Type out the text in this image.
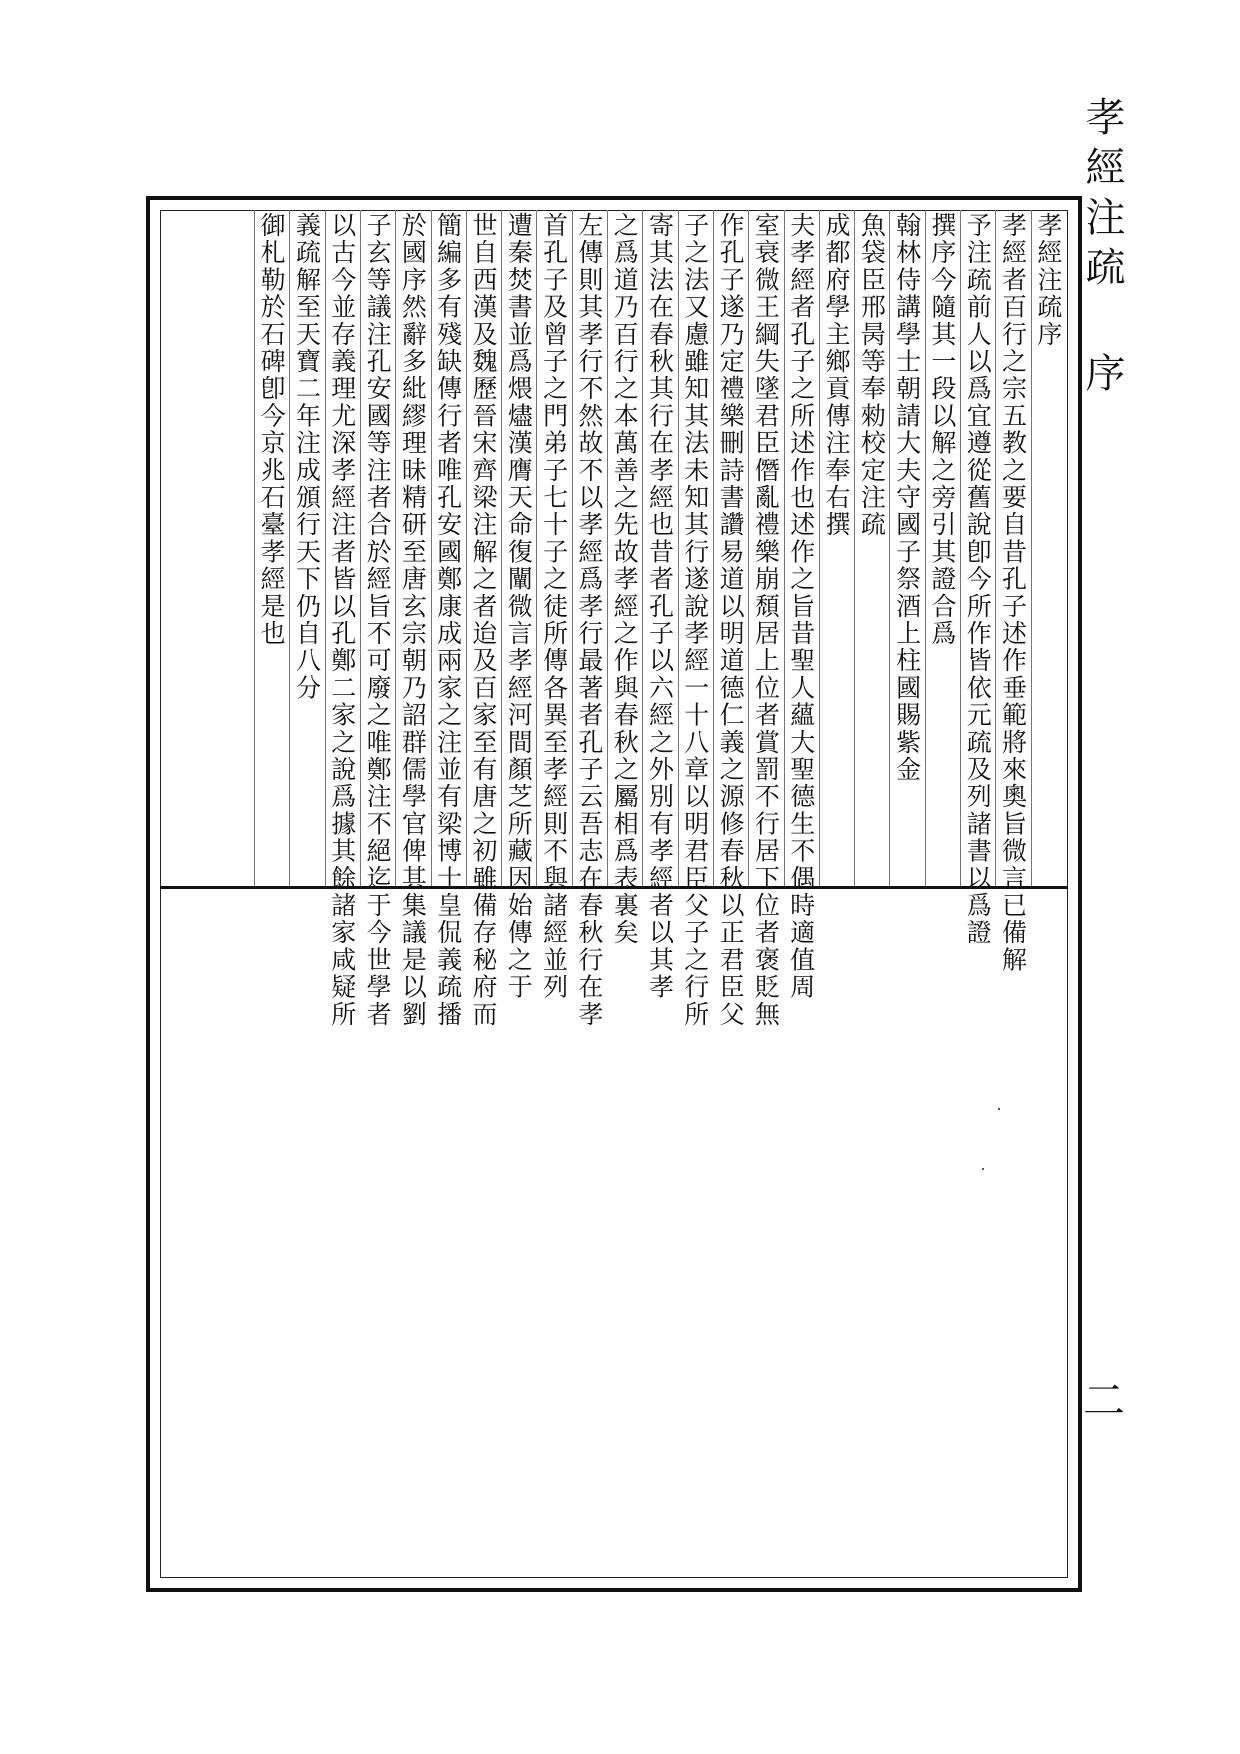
孝經注疏 序
二
孝經注疏序
孝經者百行之宗五教之要自昔孔子述作垂範將來奧旨微言已備解
予注疏前人以爲宜遵從舊說卽今所作皆依元疏及列諸書以爲證
撰序今隨其一段以解之旁引其證合爲
翰林侍講學士朝請大夫守國子祭酒上柱國賜紫金
魚袋臣邢昺等奉勑校定注疏
成都府學主鄉貢傳注奉右撰
夫孝經者孔子之所述作也述作之旨昔聖人蘊大聖德生不偶時適值周
室衰微王綱失墜君臣僭亂禮樂崩頹居上位者賞罰不行居下位者褒貶無
作孔子遂乃定禮樂刪詩書讚易道以明道德仁義之源修春秋以正君臣父
子之法又慮雖知其法未知其行遂說孝經一十八章以明君臣父子之行所
寄其法在春秋其行在孝經也昔者孔子以六經之外別有孝經者以其孝
之爲道乃百行之本萬善之先故孝經之作與春秋之屬相爲表裏矣
左傳則其孝行不然故不以孝經爲孝行最著者孔子云吾志在春秋行在孝
首孔子及曾子之門弟子七十子之徒所傳各異至孝經則不與諸經並列
遭秦焚書並爲煨燼漢膺天命復闡微言孝經河間顏芝所藏因始傳之于
世自西漢及魏歷晉宋齊梁注解之者迨及百家至有唐之初雖備存秘府而
簡編多有殘缺傳行者唯孔安國鄭康成兩家之注並有梁博士皇侃義疏播
於國序然辭多紕繆理昧精研至唐玄宗朝乃詔群儒學官俾其集議是以劉
子玄等議注孔安國等注者合於經旨不可廢之唯鄭注不絕迄于今世學者
以古今並存義理尤深孝經注者皆以孔鄭二家之說爲據其餘諸家咸疑所
義疏解至天寶二年注成頒行天下仍自八分
御札勒於石碑卽今京兆石臺孝經是也
